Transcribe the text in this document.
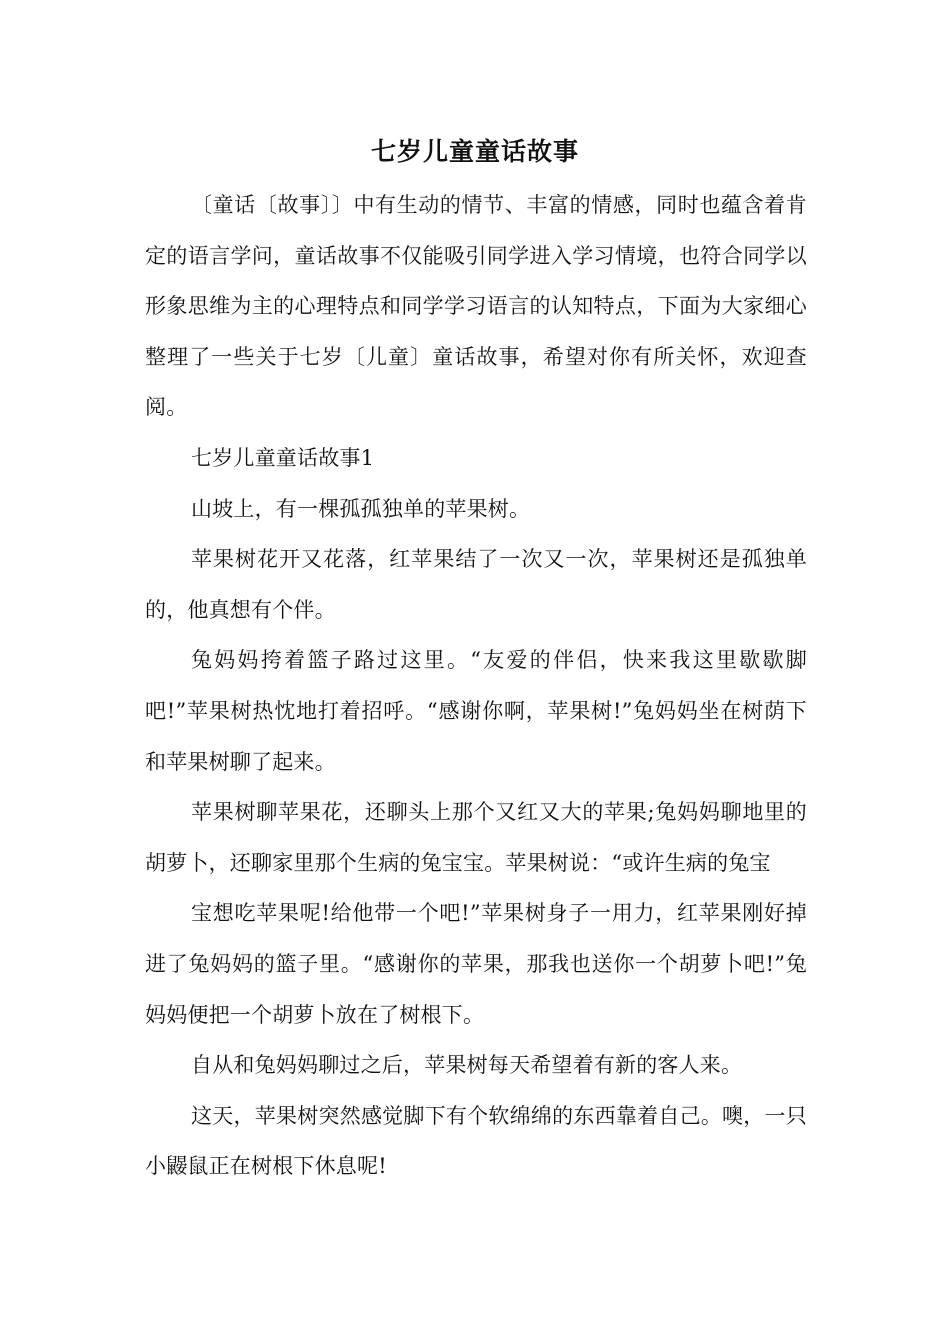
七岁儿童童话故事

〔童话〔故事〕〕中有生动的情节、丰富的情感，同时也蕴含着肯定的语言学问，童话故事不仅能吸引同学进入学习情境，也符合同学以形象思维为主的心理特点和同学学习语言的认知特点，下面为大家细心整理了一些关于七岁〔儿童〕童话故事，希望对你有所关怀，欢迎查阅。

七岁儿童童话故事1

山坡上，有一棵孤孤独单的苹果树。

苹果树花开又花落，红苹果结了一次又一次，苹果树还是孤独单的，他真想有个伴。

兔妈妈挎着篮子路过这里。“友爱的伴侣，快来我这里歇歇脚吧!”苹果树热忱地打着招呼。“感谢你啊，苹果树!”兔妈妈坐在树荫下和苹果树聊了起来。

苹果树聊苹果花，还聊头上那个又红又大的苹果;兔妈妈聊地里的胡萝卜，还聊家里那个生病的兔宝宝。苹果树说：“或许生病的兔宝

宝想吃苹果呢!给他带一个吧!”苹果树身子一用力，红苹果刚好掉进了兔妈妈的篮子里。“感谢你的苹果，那我也送你一个胡萝卜吧!”兔妈妈便把一个胡萝卜放在了树根下。

自从和兔妈妈聊过之后，苹果树每天希望着有新的客人来。

这天，苹果树突然感觉脚下有个软绵绵的东西靠着自己。噢，一只小鼹鼠正在树根下休息呢!
